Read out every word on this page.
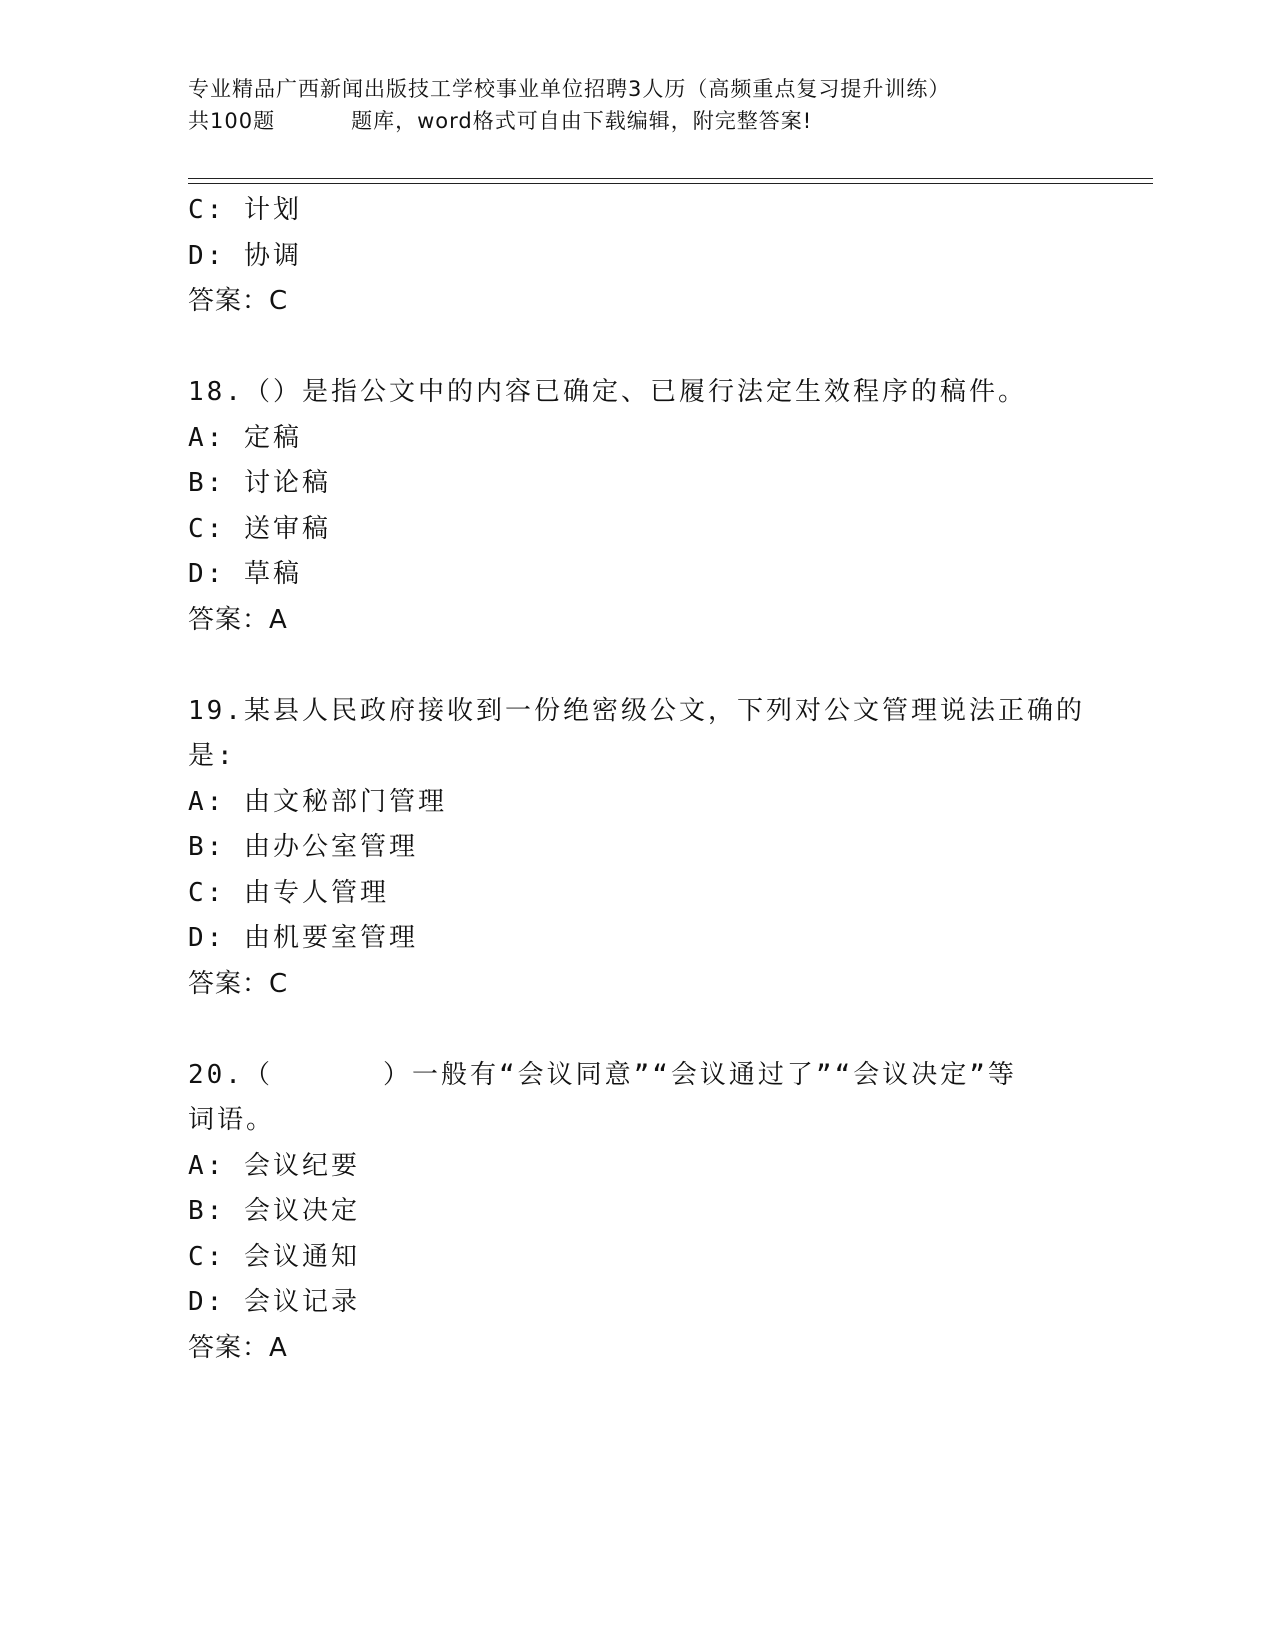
专业精品广西新闻出版技工学校事业单位招聘3人历（高频重点复习提升训练）
共100题	题库，word格式可自由下载编辑，附完整答案!
C: 计划
D: 协调
答案：C
18.（）是指公文中的内容已确定、已履行法定生效程序的稿件。
A: 定稿
B: 讨论稿
C: 送审稿
D: 草稿
答案：A
19.某县人民政府接收到一份绝密级公文，下列对公文管理说法正确的
是:
A: 由文秘部门管理
B: 由办公室管理
C: 由专人管理
D: 由机要室管理
答案：C
20.（	）一般有“会议同意”“会议通过了”“会议决定”等
词语。
A: 会议纪要
B: 会议决定
C: 会议通知
D: 会议记录
答案：A
